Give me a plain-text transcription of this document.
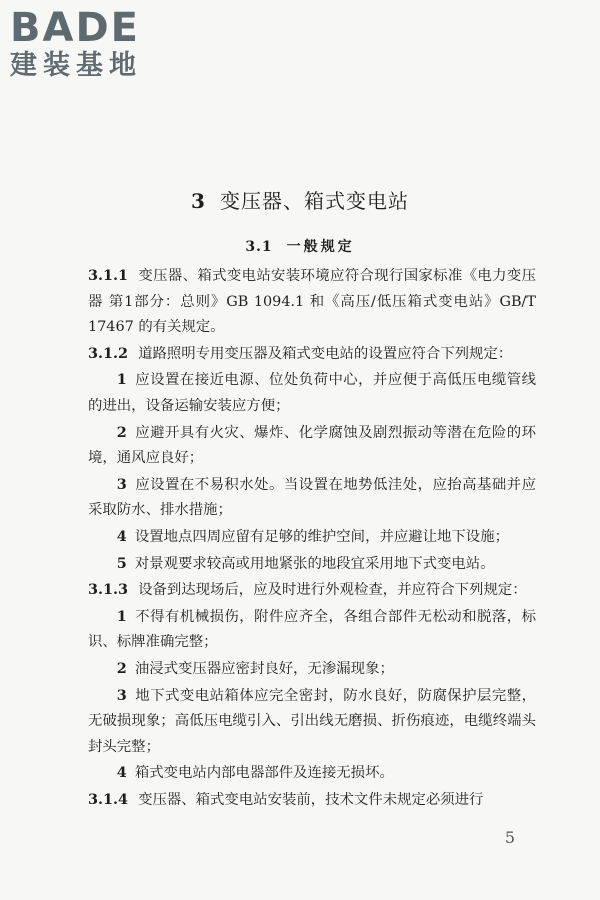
BADE
建装基地
3 变压器、箱式变电站
3.1 一般规定

3.1.1 变压器、箱式变电站安装环境应符合现行国家标准《电力变压器 第1部分：总则》GB 1094.1 和《高压/低压箱式变电站》GB/T 17467 的有关规定。

3.1.2 道路照明专用变压器及箱式变电站的设置应符合下列规定：

1 应设置在接近电源、位处负荷中心，并应便于高低压电缆管线的进出，设备运输安装应方便；

2 应避开具有火灾、爆炸、化学腐蚀及剧烈振动等潜在危险的环境，通风应良好；

3 应设置在不易积水处。当设置在地势低洼处，应抬高基础并应采取防水、排水措施；

4 设置地点四周应留有足够的维护空间，并应避让地下设施；

5 对景观要求较高或用地紧张的地段宜采用地下式变电站。

3.1.3 设备到达现场后，应及时进行外观检查，并应符合下列规定：

1 不得有机械损伤，附件应齐全，各组合部件无松动和脱落，标识、标牌准确完整；

2 油浸式变压器应密封良好，无渗漏现象；

3 地下式变电站箱体应完全密封，防水良好，防腐保护层完整，无破损现象；高低压电缆引入、引出线无磨损、折伤痕迹，电缆终端头封头完整；

4 箱式变电站内部电器部件及连接无损坏。

3.1.4 变压器、箱式变电站安装前，技术文件未规定必须进行

5
